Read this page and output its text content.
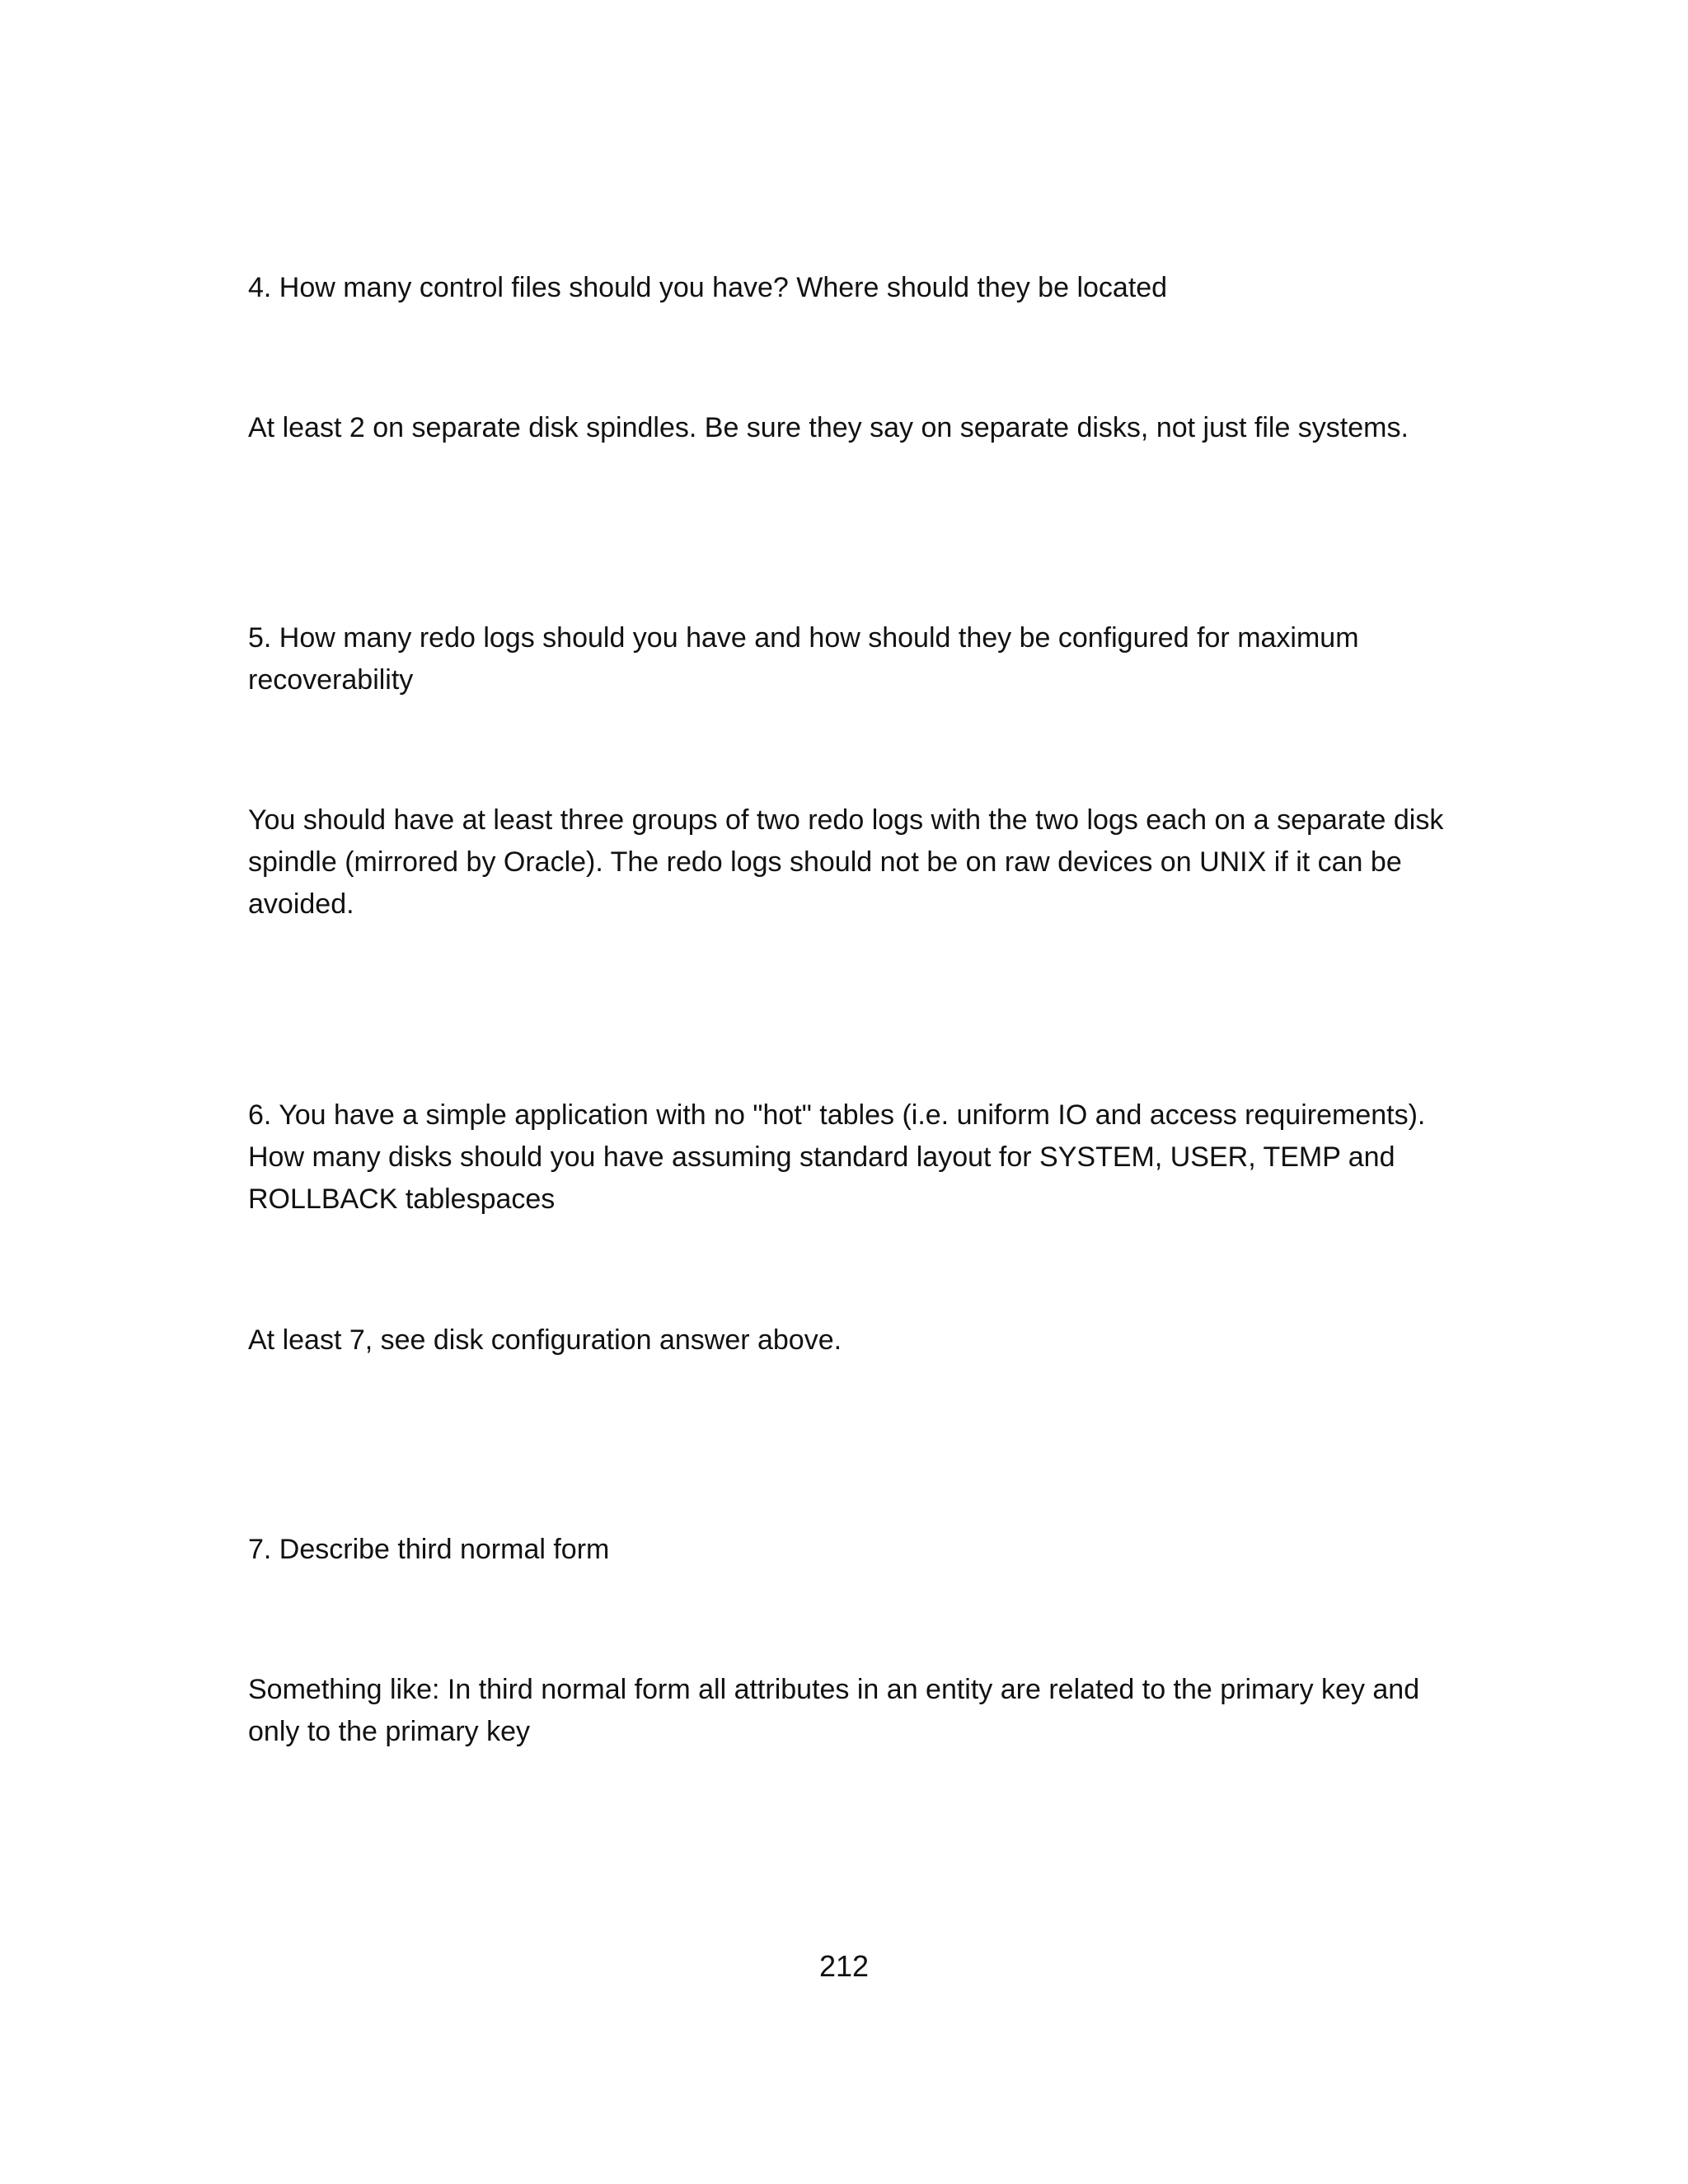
4. How many control files should you have? Where should they be located

At least 2 on separate disk spindles. Be sure they say on separate disks, not just file systems.

5. How many redo logs should you have and how should they be configured for maximum recoverability

You should have at least three groups of two redo logs with the two logs each on a separate disk spindle (mirrored by Oracle). The redo logs should not be on raw devices on UNIX if it can be avoided.

6. You have a simple application with no "hot" tables (i.e. uniform IO and access requirements). How many disks should you have assuming standard layout for SYSTEM, USER, TEMP and ROLLBACK tablespaces

At least 7, see disk configuration answer above.

7. Describe third normal form

Something like: In third normal form all attributes in an entity are related to the primary key and only to the primary key

212
